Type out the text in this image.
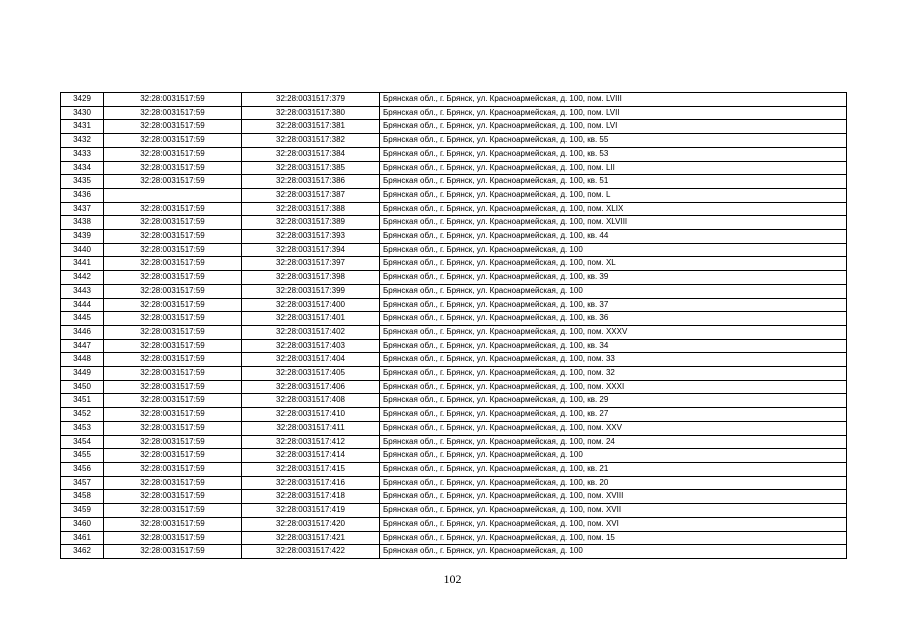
3429	32:28:0031517:59	32:28:0031517:379	Брянская обл., г. Брянск, ул. Красноармейская, д. 100, пом. LVIII
3430	32:28:0031517:59	32:28:0031517:380	Брянская обл., г. Брянск, ул. Красноармейская, д. 100, пом. LVII
3431	32:28:0031517:59	32:28:0031517:381	Брянская обл., г. Брянск, ул. Красноармейская, д. 100, пом. LVI
3432	32:28:0031517:59	32:28:0031517:382	Брянская обл., г. Брянск, ул. Красноармейская, д. 100, кв. 55
3433	32:28:0031517:59	32:28:0031517:384	Брянская обл., г. Брянск, ул. Красноармейская, д. 100, кв. 53
3434	32:28:0031517:59	32:28:0031517:385	Брянская обл., г. Брянск, ул. Красноармейская, д. 100, пом. LII
3435	32:28:0031517:59	32:28:0031517:386	Брянская обл., г. Брянск, ул. Красноармейская, д. 100, кв. 51
3436		32:28:0031517:387	Брянская обл., г. Брянск, ул. Красноармейская, д. 100, пом. L
3437	32:28:0031517:59	32:28:0031517:388	Брянская обл., г. Брянск, ул. Красноармейская, д. 100, пом. XLIX
3438	32:28:0031517:59	32:28:0031517:389	Брянская обл., г. Брянск, ул. Красноармейская, д. 100, пом. XLVIII
3439	32:28:0031517:59	32:28:0031517:393	Брянская обл., г. Брянск, ул. Красноармейская, д. 100, кв. 44
3440	32:28:0031517:59	32:28:0031517:394	Брянская обл., г. Брянск, ул. Красноармейская, д. 100
3441	32:28:0031517:59	32:28:0031517:397	Брянская обл., г. Брянск, ул. Красноармейская, д. 100, пом. XL
3442	32:28:0031517:59	32:28:0031517:398	Брянская обл., г. Брянск, ул. Красноармейская, д. 100, кв. 39
3443	32:28:0031517:59	32:28:0031517:399	Брянская обл., г. Брянск, ул. Красноармейская, д. 100
3444	32:28:0031517:59	32:28:0031517:400	Брянская обл., г. Брянск, ул. Красноармейская, д. 100, кв. 37
3445	32:28:0031517:59	32:28:0031517:401	Брянская обл., г. Брянск, ул. Красноармейская, д. 100, кв. 36
3446	32:28:0031517:59	32:28:0031517:402	Брянская обл., г. Брянск, ул. Красноармейская, д. 100, пом. XXXV
3447	32:28:0031517:59	32:28:0031517:403	Брянская обл., г. Брянск, ул. Красноармейская, д. 100, кв. 34
3448	32:28:0031517:59	32:28:0031517:404	Брянская обл., г. Брянск, ул. Красноармейская, д. 100, пом. 33
3449	32:28:0031517:59	32:28:0031517:405	Брянская обл., г. Брянск, ул. Красноармейская, д. 100, пом. 32
3450	32:28:0031517:59	32:28:0031517:406	Брянская обл., г. Брянск, ул. Красноармейская, д. 100, пом. XXXI
3451	32:28:0031517:59	32:28:0031517:408	Брянская обл., г. Брянск, ул. Красноармейская, д. 100, кв. 29
3452	32:28:0031517:59	32:28:0031517:410	Брянская обл., г. Брянск, ул. Красноармейская, д. 100, кв. 27
3453	32:28:0031517:59	32:28:0031517:411	Брянская обл., г. Брянск, ул. Красноармейская, д. 100, пом. XXV
3454	32:28:0031517:59	32:28:0031517:412	Брянская обл., г. Брянск, ул. Красноармейская, д. 100, пом. 24
3455	32:28:0031517:59	32:28:0031517:414	Брянская обл., г. Брянск, ул. Красноармейская, д. 100
3456	32:28:0031517:59	32:28:0031517:415	Брянская обл., г. Брянск, ул. Красноармейская, д. 100, кв. 21
3457	32:28:0031517:59	32:28:0031517:416	Брянская обл., г. Брянск, ул. Красноармейская, д. 100, кв. 20
3458	32:28:0031517:59	32:28:0031517:418	Брянская обл., г. Брянск, ул. Красноармейская, д. 100, пом. XVIII
3459	32:28:0031517:59	32:28:0031517:419	Брянская обл., г. Брянск, ул. Красноармейская, д. 100, пом. XVII
3460	32:28:0031517:59	32:28:0031517:420	Брянская обл., г. Брянск, ул. Красноармейская, д. 100, пом. XVI
3461	32:28:0031517:59	32:28:0031517:421	Брянская обл., г. Брянск, ул. Красноармейская, д. 100, пом. 15
3462	32:28:0031517:59	32:28:0031517:422	Брянская обл., г. Брянск, ул. Красноармейская, д. 100
102
